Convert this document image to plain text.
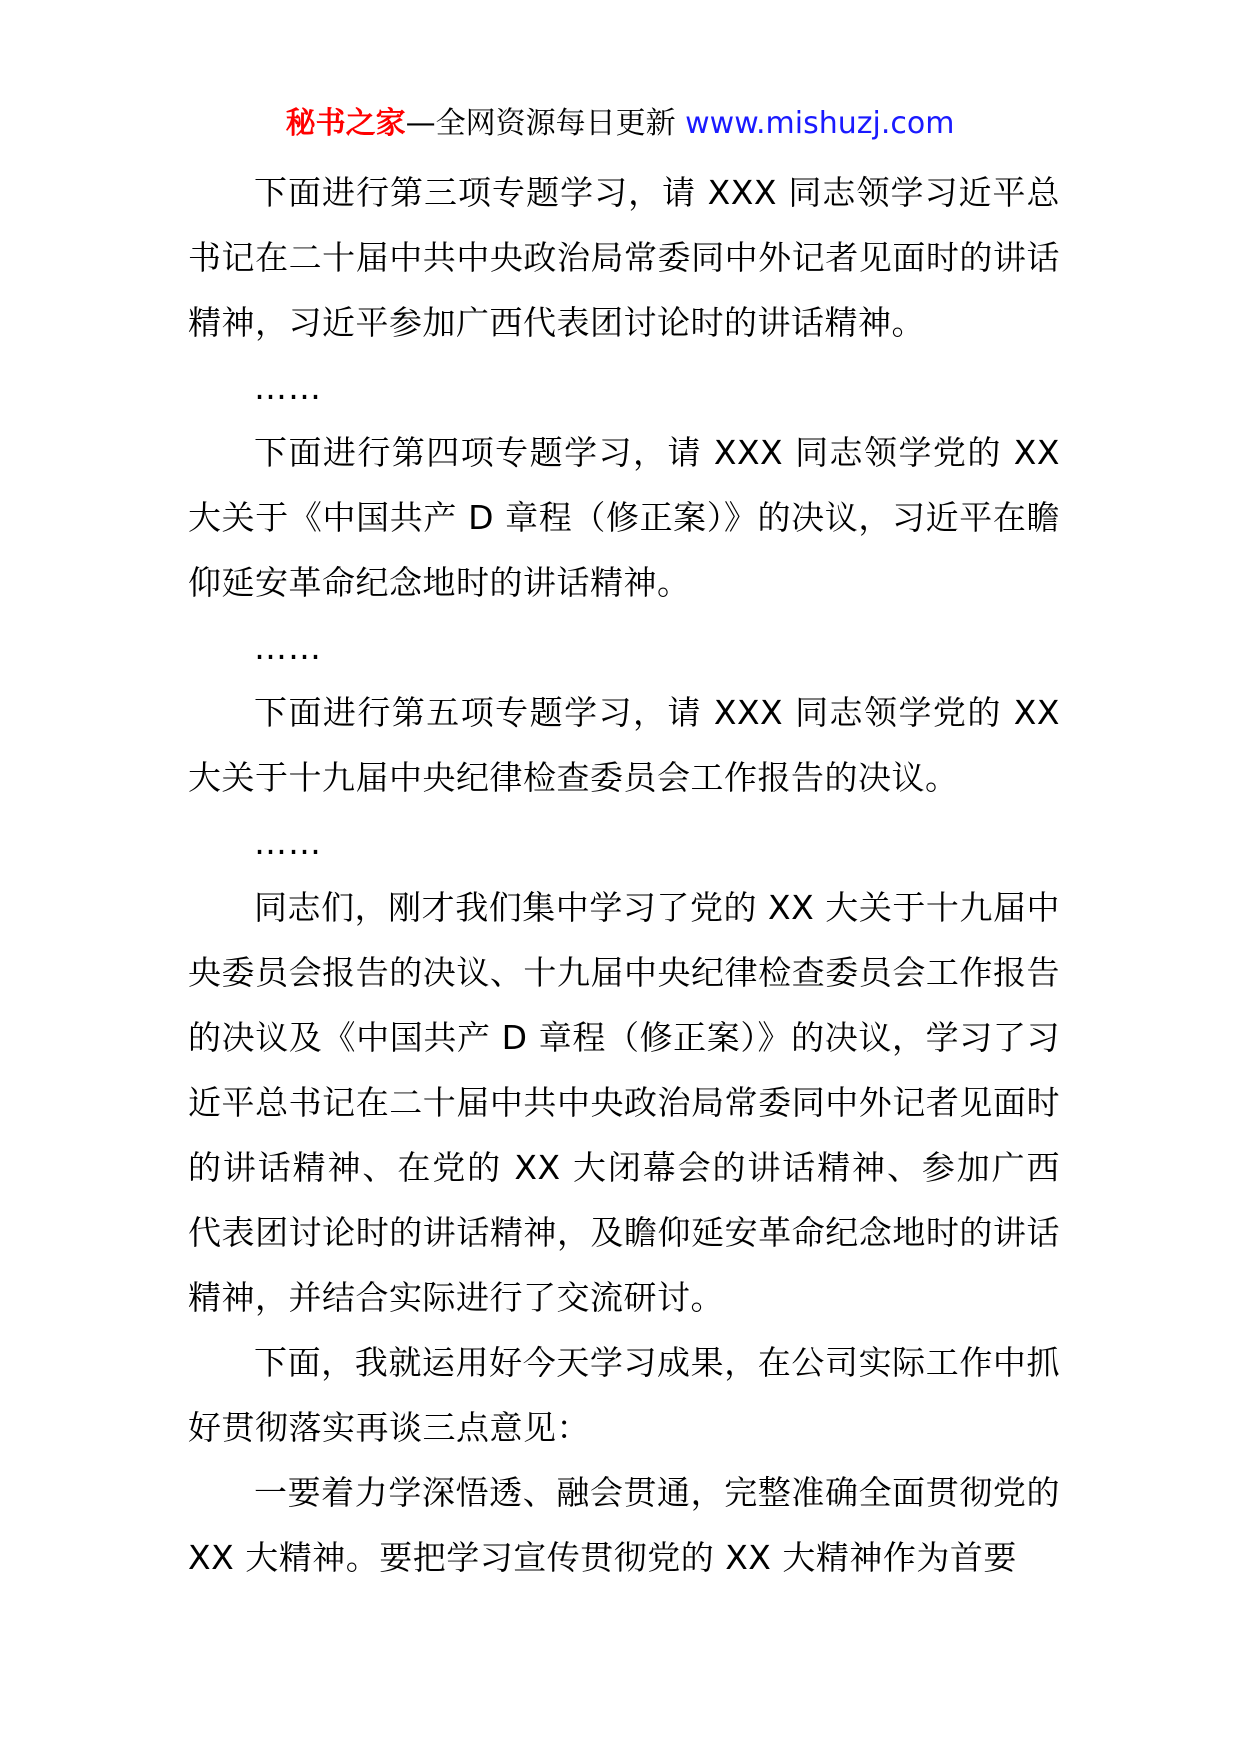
秘书之家—全网资源每日更新 www.mishuzj.com

下面进行第三项专题学习，请 XXX 同志领学习近平总书记在二十届中共中央政治局常委同中外记者见面时的讲话精神，习近平参加广西代表团讨论时的讲话精神。

……

下面进行第四项专题学习，请 XXX 同志领学党的 XX 大关于《中国共产 D 章程（修正案）》的决议，习近平在瞻仰延安革命纪念地时的讲话精神。

……

下面进行第五项专题学习，请 XXX 同志领学党的 XX 大关于十九届中央纪律检查委员会工作报告的决议。

……

同志们，刚才我们集中学习了党的 XX 大关于十九届中央委员会报告的决议、十九届中央纪律检查委员会工作报告的决议及《中国共产 D 章程（修正案）》的决议，学习了习近平总书记在二十届中共中央政治局常委同中外记者见面时的讲话精神、在党的 XX 大闭幕会的讲话精神、参加广西代表团讨论时的讲话精神，及瞻仰延安革命纪念地时的讲话精神，并结合实际进行了交流研讨。

下面，我就运用好今天学习成果，在公司实际工作中抓好贯彻落实再谈三点意见：

一要着力学深悟透、融会贯通，完整准确全面贯彻党的 XX 大精神。要把学习宣传贯彻党的 XX 大精神作为首要
